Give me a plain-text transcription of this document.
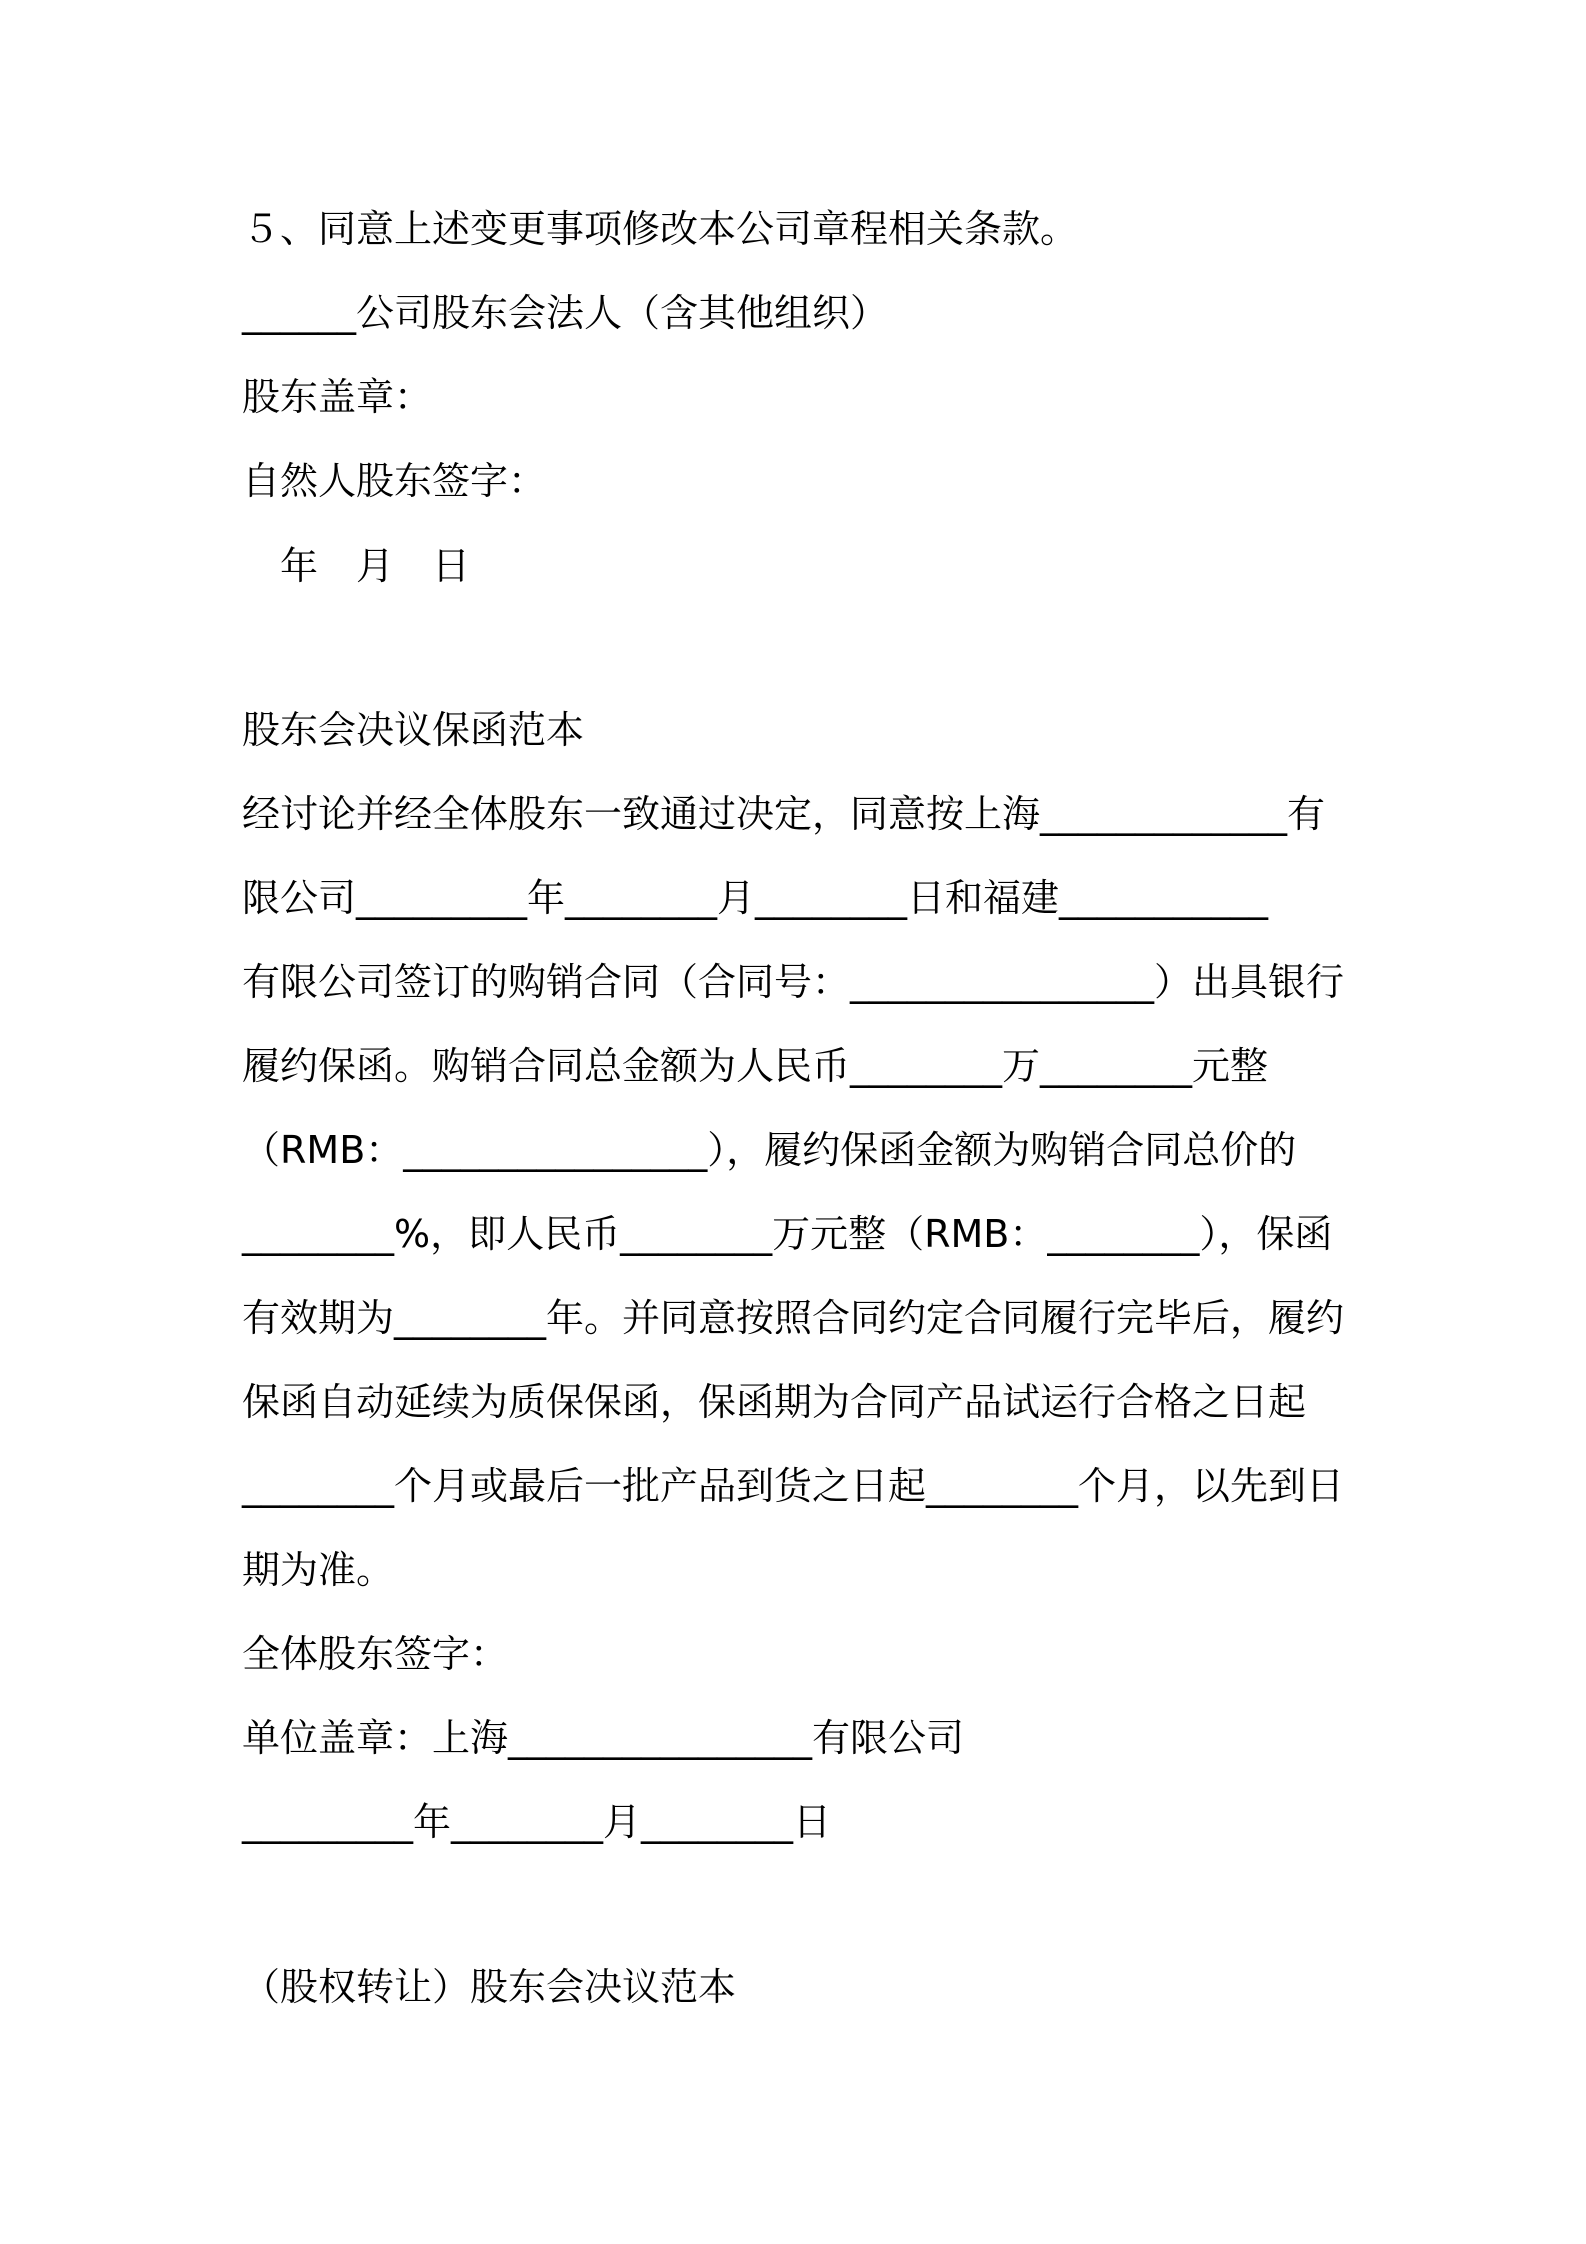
５、同意上述变更事项修改本公司章程相关条款。

______公司股东会法人（含其他组织）

股东盖章：

自然人股东签字：

　年　月　日

股东会决议保函范本

经讨论并经全体股东一致通过决定，同意按上海_____________有

限公司_________年________月________日和福建___________

有限公司签订的购销合同（合同号：________________）出具银行

履约保函。购销合同总金额为人民币________万________元整

（RMB：________________），履约保函金额为购销合同总价的

________%，即人民币________万元整（RMB：________），保函

有效期为________年。并同意按照合同约定合同履行完毕后，履约

保函自动延续为质保保函，保函期为合同产品试运行合格之日起

________个月或最后一批产品到货之日起________个月，以先到日

期为准。

全体股东签字：

单位盖章：上海________________有限公司

_________年________月________日

（股权转让）股东会决议范本
